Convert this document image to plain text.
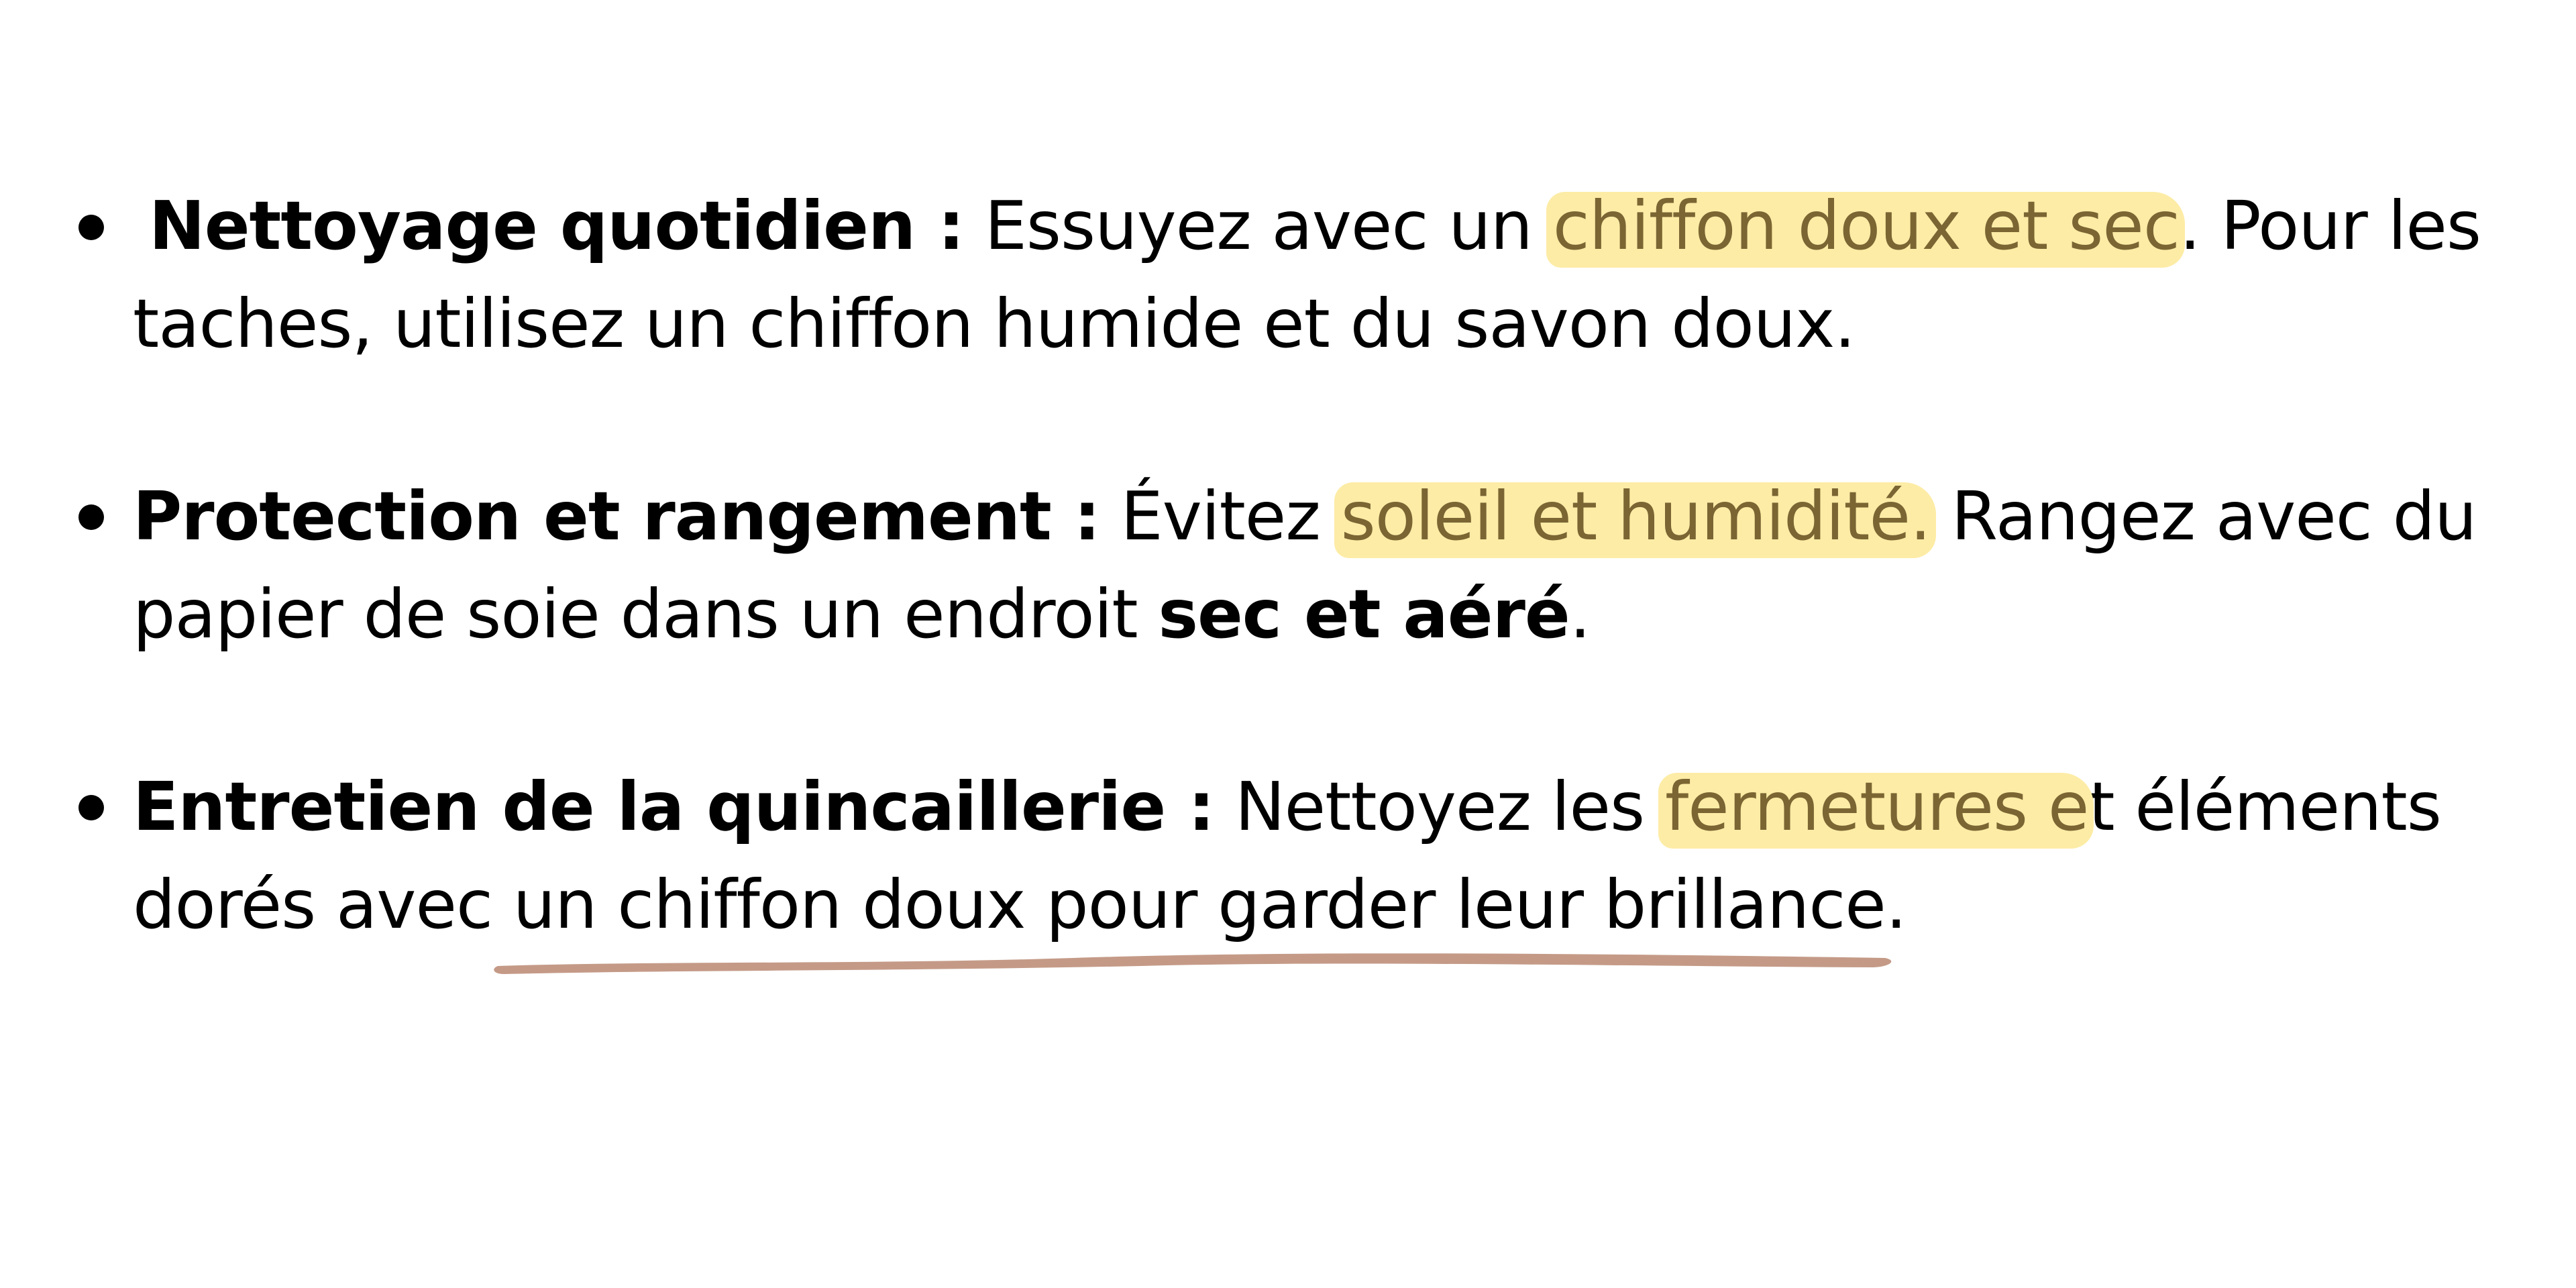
Nettoyage quotidien : Essuyez avec un chiffon doux et sec. Pour les
taches, utilisez un chiffon humide et du savon doux.
Protection et rangement : Évitez soleil et humidité. Rangez avec du
papier de soie dans un endroit sec et aéré.
Entretien de la quincaillerie : Nettoyez les fermetures et éléments
dorés avec un chiffon doux pour garder leur brillance.
